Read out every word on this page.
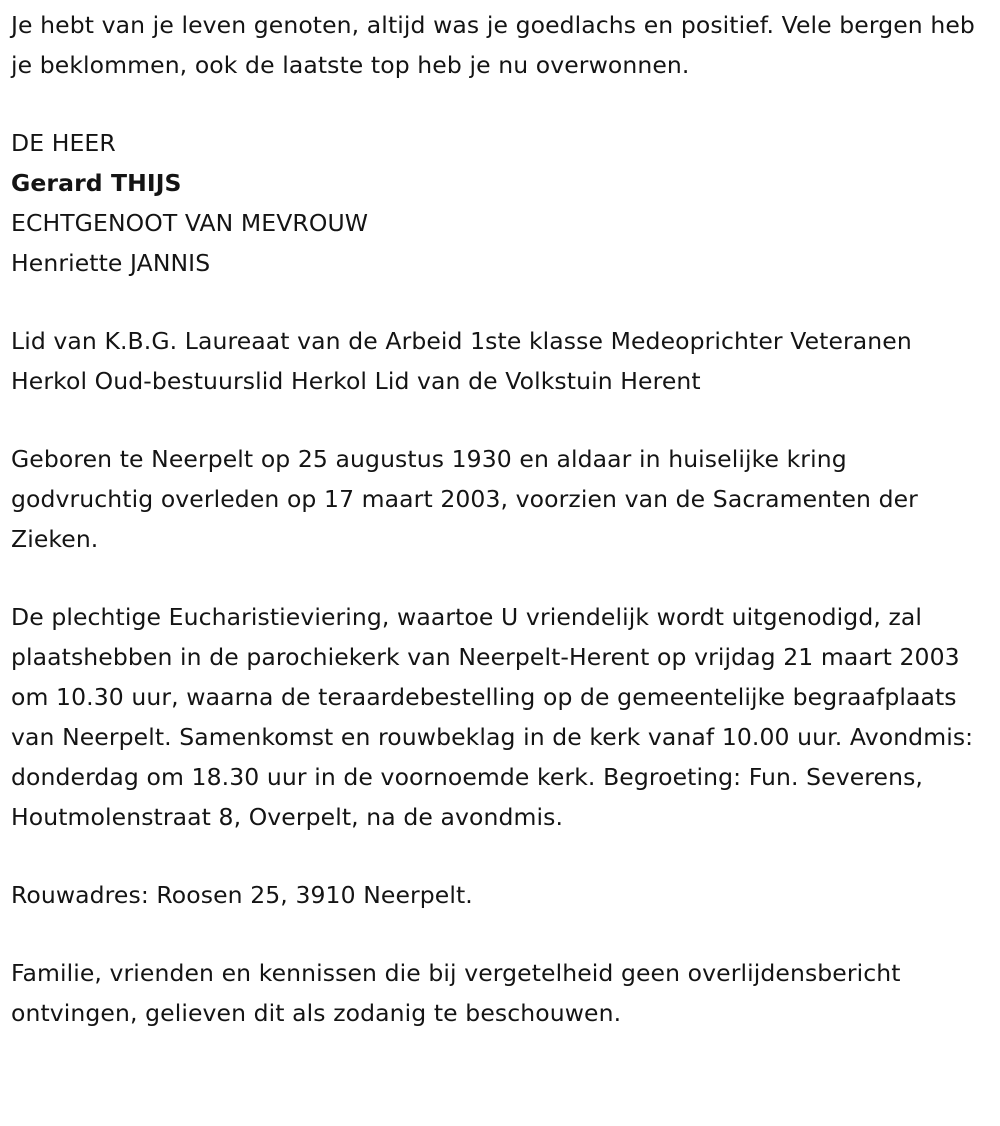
Je hebt van je leven genoten, altijd was je goedlachs en positief. Vele bergen heb je beklommen, ook de laatste top heb je nu overwonnen.

DE HEER

Gerard THIJS

ECHTGENOOT VAN MEVROUW

Henriette JANNIS

Lid van K.B.G. Laureaat van de Arbeid 1ste klasse Medeoprichter Veteranen Herkol Oud-bestuurslid Herkol Lid van de Volkstuin Herent

Geboren te Neerpelt op 25 augustus 1930 en aldaar in huiselijke kring godvruchtig overleden op 17 maart 2003, voorzien van de Sacramenten der Zieken.

De plechtige Eucharistieviering, waartoe U vriendelijk wordt uitgenodigd, zal plaatshebben in de parochiekerk van Neerpelt-Herent op vrijdag 21 maart 2003 om 10.30 uur, waarna de teraardebestelling op de gemeentelijke begraafplaats van Neerpelt. Samenkomst en rouwbeklag in de kerk vanaf 10.00 uur. Avondmis: donderdag om 18.30 uur in de voornoemde kerk. Begroeting: Fun. Severens, Houtmolenstraat 8, Overpelt, na de avondmis.

Rouwadres: Roosen 25, 3910 Neerpelt.

Familie, vrienden en kennissen die bij vergetelheid geen overlijdensbericht ontvingen, gelieven dit als zodanig te beschouwen.
